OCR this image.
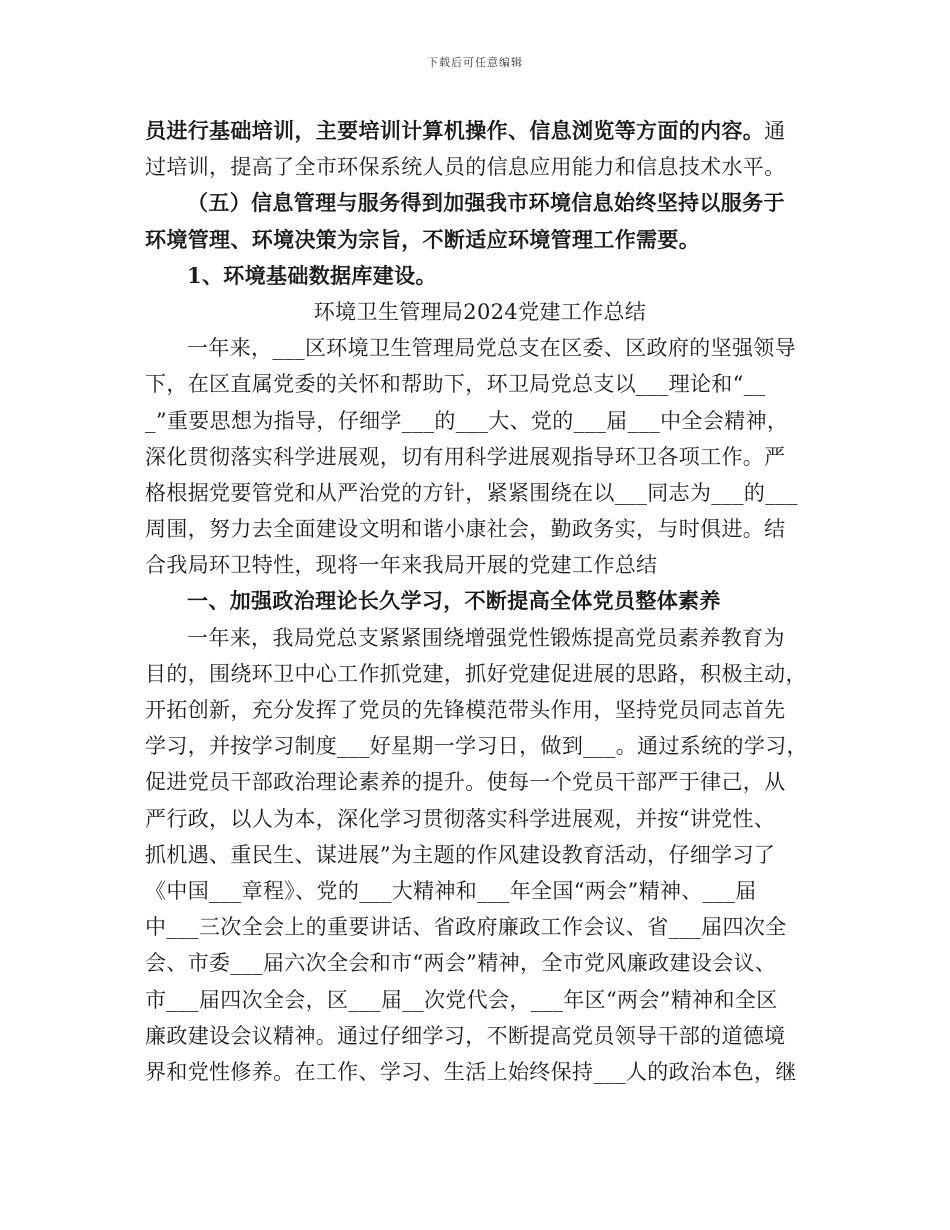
下载后可任意编辑
员进行基础培训，主要培训计算机操作、信息浏览等方面的内容。通
过培训，提高了全市环保系统人员的信息应用能力和信息技术水平。
（五）信息管理与服务得到加强我市环境信息始终坚持以服务于
环境管理、环境决策为宗旨，不断适应环境管理工作需要。
1、环境基础数据库建设。
环境卫生管理局2024党建工作总结
一年来，___区环境卫生管理局党总支在区委、区政府的坚强领导
下，在区直属党委的关怀和帮助下，环卫局党总支以___理论和“__
_”重要思想为指导，仔细学___的___大、党的___届___中全会精神，
深化贯彻落实科学进展观，切有用科学进展观指导环卫各项工作。严
格根据党要管党和从严治党的方针，紧紧围绕在以___同志为___的___
周围，努力去全面建设文明和谐小康社会，勤政务实，与时俱进。结
合我局环卫特性，现将一年来我局开展的党建工作总结
一、加强政治理论长久学习，不断提高全体党员整体素养
一年来，我局党总支紧紧围绕增强党性锻炼提高党员素养教育为
目的，围绕环卫中心工作抓党建，抓好党建促进展的思路，积极主动，
开拓创新，充分发挥了党员的先锋模范带头作用，坚持党员同志首先
学习，并按学习制度___好星期一学习日，做到___。通过系统的学习，
促进党员干部政治理论素养的提升。使每一个党员干部严于律己，从
严行政，以人为本，深化学习贯彻落实科学进展观，并按“讲党性、
抓机遇、重民生、谋进展”为主题的作风建设教育活动，仔细学习了
《中国___章程》、党的___大精神和___年全国“两会”精神、___届
中___三次全会上的重要讲话、省政府廉政工作会议、省___届四次全
会、市委___届六次全会和市“两会”精神，全市党风廉政建设会议、
市___届四次全会，区___届__次党代会，___年区“两会”精神和全区
廉政建设会议精神。通过仔细学习，不断提高党员领导干部的道德境
界和党性修养。在工作、学习、生活上始终保持___人的政治本色，继
